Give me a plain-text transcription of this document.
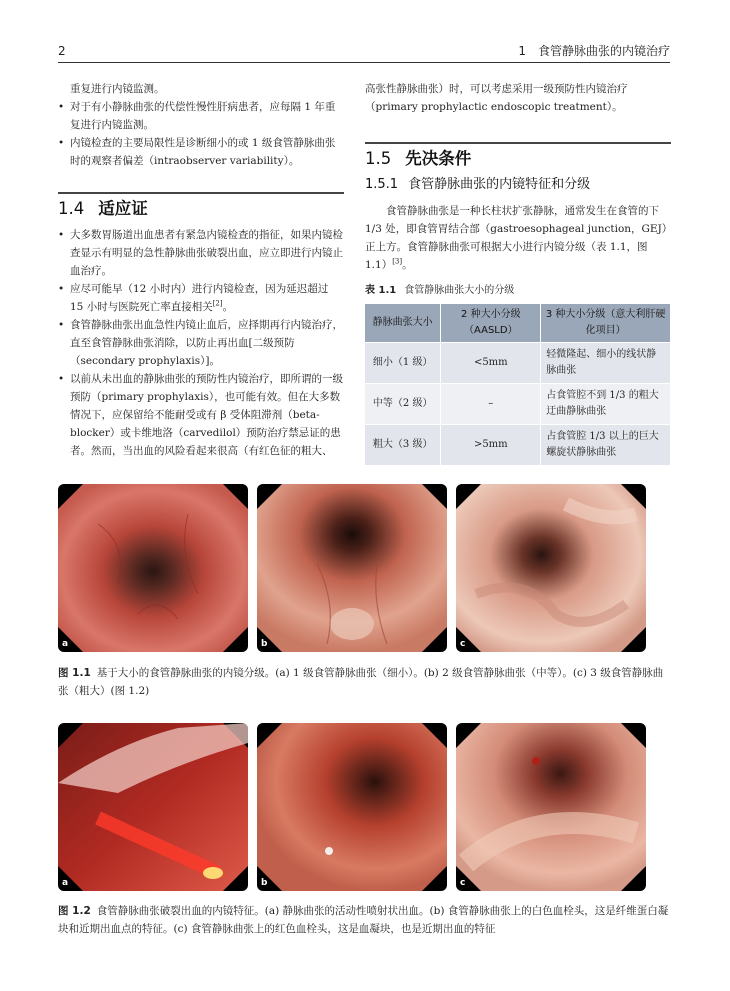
2	1　食管静脉曲张的内镜治疗

重复进行内镜监测。

• 对于有小静脉曲张的代偿性慢性肝病患者，应每隔 1 年重复进行内镜监测。
• 内镜检查的主要局限性是诊断细小的或 1 级食管静脉曲张时的观察者偏差（intraobserver variability）。
1.4 适应证
• 大多数胃肠道出血患者有紧急内镜检查的指征，如果内镜检查显示有明显的急性静脉曲张破裂出血，应立即进行内镜止血治疗。
• 应尽可能早（12 小时内）进行内镜检查，因为延迟超过 15 小时与医院死亡率直接相关[2]。
• 食管静脉曲张出血急性内镜止血后，应择期再行内镜治疗，直至食管静脉曲张消除，以防止再出血[二级预防（secondary prophylaxis）]。
• 以前从未出血的静脉曲张的预防性内镜治疗，即所谓的一级预防（primary prophylaxis），也可能有效。但在大多数情况下，应保留给不能耐受或有 β 受体阻滞剂（beta-blocker）或卡维地洛（carvedilol）预防治疗禁忌证的患者。然而，当出血的风险看起来很高（有红色征的粗大、

高张性静脉曲张）时，可以考虑采用一级预防性内镜治疗（primary prophylactic endoscopic treatment）。

1.5 先决条件
1.5.1 食管静脉曲张的内镜特征和分级

食管静脉曲张是一种长柱状扩张静脉，通常发生在食管的下 1/3 处，即食管胃结合部（gastroesophageal junction，GEJ）正上方。食管静脉曲张可根据大小进行内镜分级（表 1.1，图 1.1）[3]。

表 1.1 食管静脉曲张大小的分级
静脉曲张大小	2 种大小分级（AASLD）	3 种大小分级（意大利肝硬化项目）
细小（1 级）	<5mm	轻微隆起、细小的线状静脉曲张
中等（2 级）	–	占食管腔不到 1/3 的粗大迂曲静脉曲张
粗大（3 级）	>5mm	占食管腔 1/3 以上的巨大螺旋状静脉曲张
a	b	c
图 1.1 基于大小的食管静脉曲张的内镜分级。(a) 1 级食管静脉曲张（细小）。(b) 2 级食管静脉曲张（中等）。(c) 3 级食管静脉曲张（粗大）(图 1.2)
a	b	c
图 1.2 食管静脉曲张破裂出血的内镜特征。(a) 静脉曲张的活动性喷射状出血。(b) 食管静脉曲张上的白色血栓头，这是纤维蛋白凝块和近期出血点的特征。(c) 食管静脉曲张上的红色血栓头，这是血凝块，也是近期出血的特征
